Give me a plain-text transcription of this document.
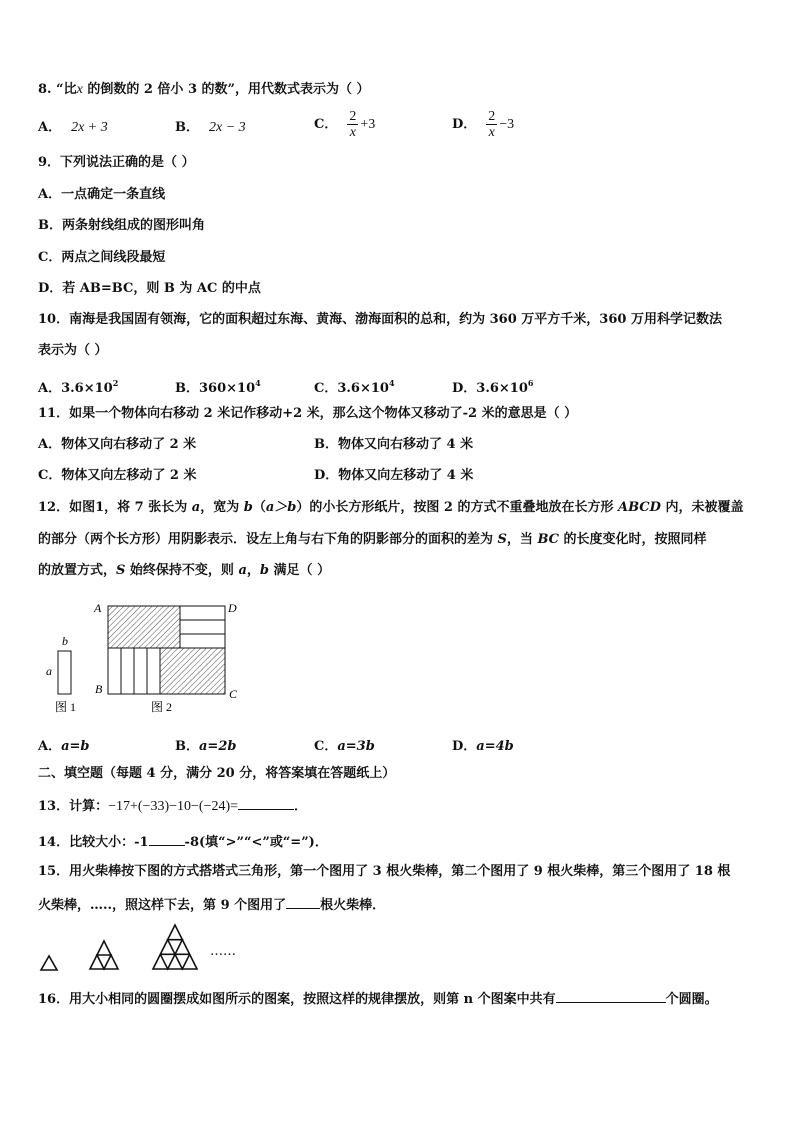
8. “比x 的倒数的 2 倍小 3 的数”，用代数式表示为（ ）
A． 2x + 3	B． 2x − 3	C． $\frac{2}{x} +3$	D． $\frac{2}{x} -3$
9．下列说法正确的是（ ）
A．一点确定一条直线
B．两条射线组成的图形叫角
C．两点之间线段最短
D．若 AB=BC，则 B 为 AC 的中点
10．南海是我国固有领海，它的面积超过东海、黄海、渤海面积的总和，约为 360 万平方千米，360 万用科学记数法
表示为（ ）
A．$3.6\times 10^2$	B．$360\times 10^4$	C．$3.6\times 10^4$	D．$3.6\times 10^6$
11．如果一个物体向右移动 2 米记作移动+2 米，那么这个物体又移动了-2 米的意思是（ ）
A．物体又向右移动了 2 米	B．物体又向右移动了 4 米
C．物体又向左移动了 2 米	D．物体又向左移动了 4 米
12．如图1，将 7 张长为 a，宽为 b（a＞b）的小长方形纸片，按图 2 的方式不重叠地放在长方形 ABCD 内，未被覆盖
的部分（两个长方形）用阴影表示．设左上角与右下角的阴影部分的面积的差为 S，当 BC 的长度变化时，按照同样
的放置方式，S 始终保持不变，则 a，b 满足（ ）
b
a
图 1
A	D
B	C
图 2
A．a=b	B．a=2b	C．a=3b	D．a=4b
二、填空题（每题 4 分，满分 20 分，将答案填在答题纸上）
13．计算：−17+(−33)−10−(−24)=	．
14．比较大小：-1	-8(填“>”“<”或“=”)．
15．用火柴棒按下图的方式搭塔式三角形，第一个图用了 3 根火柴棒，第二个图用了 9 根火柴棒，第三个图用了 18 根
火柴棒，…..，照这样下去，第 9 个图用了	根火柴棒．
……
16．用大小相同的圆圈摆成如图所示的图案，按照这样的规律摆放，则第 n 个图案中共有	个圆圈。
